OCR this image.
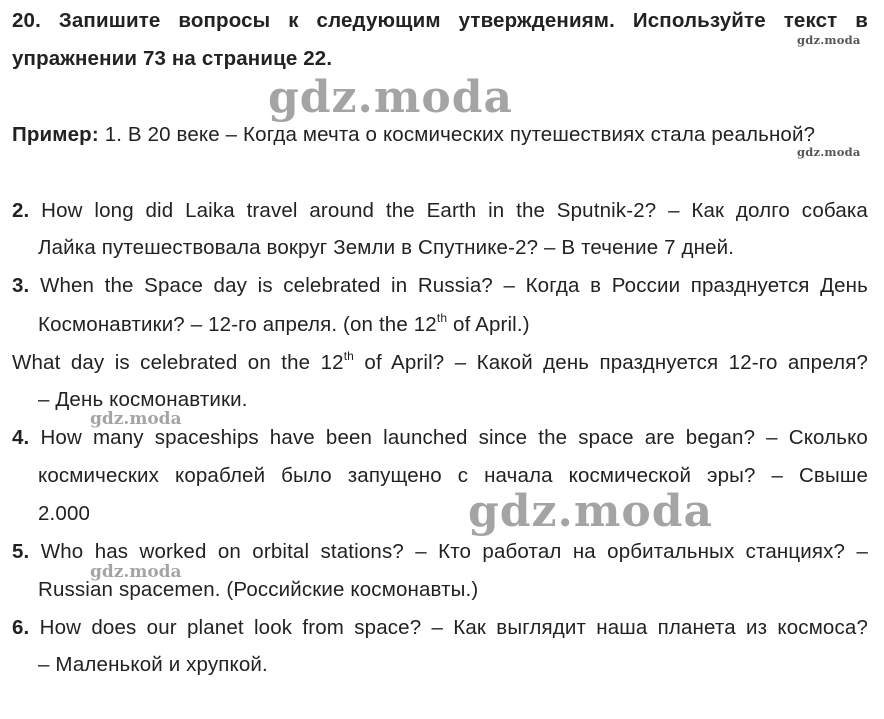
20. Запишите вопросы к следующим утверждениям. Используйте текст в
gdz.moda
упражнении 73 на странице 22.
gdz.moda
Пример: 1. В 20 веке – Когда мечта о космических путешествиях стала реальной?
gdz.moda
2. How long did Laika travel around the Earth in the Sputnik-2? – Как долго собака
Лайка путешествовала вокруг Земли в Спутнике-2? – В течение 7 дней.
3. When the Space day is celebrated in Russia? – Когда в России празднуется День
Космонавтики? – 12-го апреля. (on the 12th of April.)
What day is celebrated on the 12th of April? – Какой день празднуется 12-го апреля?
– День космонавтики.
gdz.moda
4. How many spaceships have been launched since the space are began? – Сколько
космических кораблей было запущено с начала космической эры? – Свыше
2.000	gdz.moda
5. Who has worked on orbital stations? – Кто работал на орбитальных станциях? –
gdz.moda
Russian spacemen. (Российские космонавты.)
6. How does our planet look from space? – Как выглядит наша планета из космоса?
– Маленькой и хрупкой.
